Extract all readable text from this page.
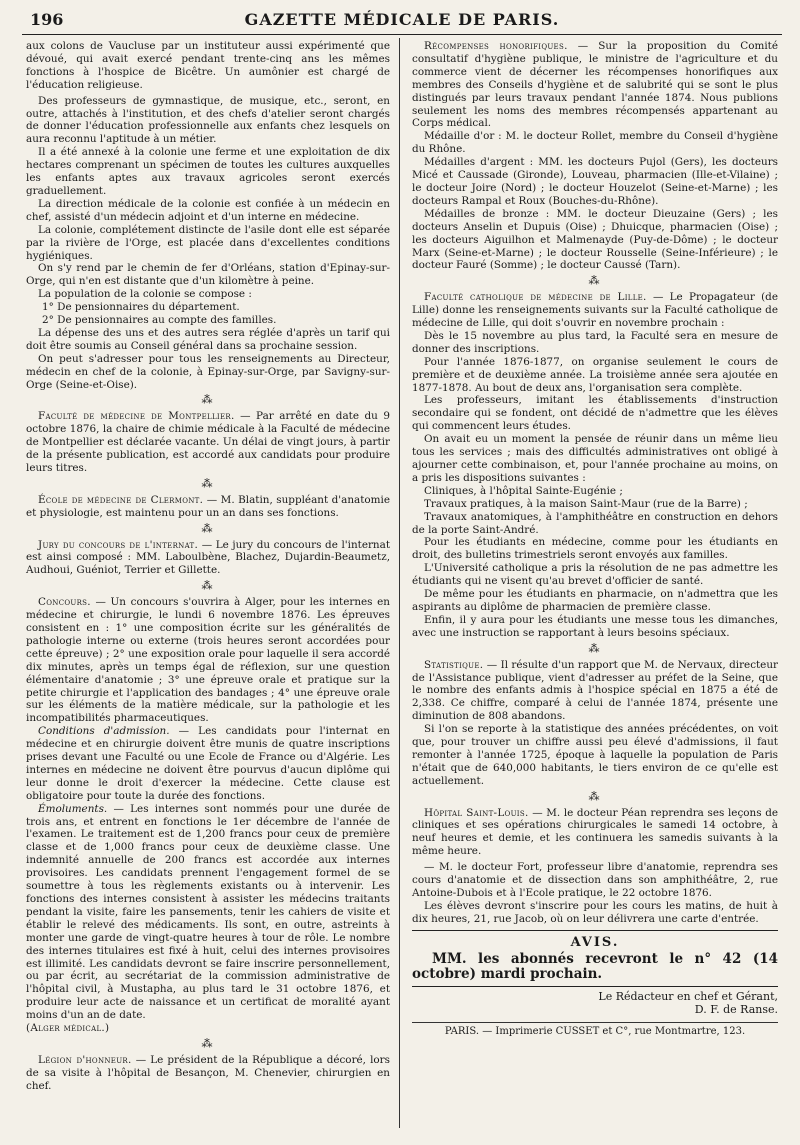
196	GAZETTE MÉDICALE DE PARIS.

aux colons de Vaucluse par un instituteur aussi expérimenté que dévoué, qui avait exercé pendant trente-cinq ans les mêmes fonctions à l'hospice de Bicêtre. Un aumônier est chargé de l'éducation religieuse.

Des professeurs de gymnastique, de musique, etc., seront, en outre, attachés à l'institution, et des chefs d'atelier seront chargés de donner l'éducation professionnelle aux enfants chez lesquels on aura reconnu l'aptitude à un métier.

Il a été annexé à la colonie une ferme et une exploitation de dix hectares comprenant un spécimen de toutes les cultures auxquelles les enfants aptes aux travaux agricoles seront exercés graduellement.

La direction médicale de la colonie est confiée à un médecin en chef, assisté d'un médecin adjoint et d'un interne en médecine.

La colonie, complétement distincte de l'asile dont elle est séparée par la rivière de l'Orge, est placée dans d'excellentes conditions hygiéniques.

On s'y rend par le chemin de fer d'Orléans, station d'Epinay-sur-Orge, qui n'en est distante que d'un kilomètre à peine.

La population de la colonie se compose :

1° De pensionnaires du département.

2° De pensionnaires au compte des familles.

La dépense des uns et des autres sera réglée d'après un tarif qui doit être soumis au Conseil général dans sa prochaine session.

On peut s'adresser pour tous les renseignements au Directeur, médecin en chef de la colonie, à Epinay-sur-Orge, par Savigny-sur-Orge (Seine-et-Oise).

⁂

Faculté de médecine de Montpellier. — Par arrêté en date du 9 octobre 1876, la chaire de chimie médicale à la Faculté de médecine de Montpellier est déclarée vacante. Un délai de vingt jours, à partir de la présente publication, est accordé aux candidats pour produire leurs titres.

⁂

École de médecine de Clermont. — M. Blatin, suppléant d'anatomie et physiologie, est maintenu pour un an dans ses fonctions.

⁂

Jury du concours de l'internat. — Le jury du concours de l'internat est ainsi composé : MM. Laboulbène, Blachez, Dujardin-Beaumetz, Audhoui, Guéniot, Terrier et Gillette.

⁂

Concours. — Un concours s'ouvrira à Alger, pour les internes en médecine et chirurgie, le lundi 6 novembre 1876. Les épreuves consistent en : 1° une composition écrite sur les généralités de pathologie interne ou externe (trois heures seront accordées pour cette épreuve) ; 2° une exposition orale pour laquelle il sera accordé dix minutes, après un temps égal de réflexion, sur une question élémentaire d'anatomie ; 3° une épreuve orale et pratique sur la petite chirurgie et l'application des bandages ; 4° une épreuve orale sur les éléments de la matière médicale, sur la pathologie et les incompatibilités pharmaceutiques.

Conditions d'admission. — Les candidats pour l'internat en médecine et en chirurgie doivent être munis de quatre inscriptions prises devant une Faculté ou une Ecole de France ou d'Algérie. Les internes en médecine ne doivent être pourvus d'aucun diplôme qui leur donne le droit d'exercer la médecine. Cette clause est obligatoire pour toute la durée des fonctions.

Émoluments. — Les internes sont nommés pour une durée de trois ans, et entrent en fonctions le 1er décembre de l'année de l'examen. Le traitement est de 1,200 francs pour ceux de première classe et de 1,000 francs pour ceux de deuxième classe. Une indemnité annuelle de 200 francs est accordée aux internes provisoires. Les candidats prennent l'engagement formel de se soumettre à tous les règlements existants ou à intervenir. Les fonctions des internes consistent à assister les médecins traitants pendant la visite, faire les pansements, tenir les cahiers de visite et établir le relevé des médicaments. Ils sont, en outre, astreints à monter une garde de vingt-quatre heures à tour de rôle. Le nombre des internes titulaires est fixé à huit, celui des internes provisoires est illimité. Les candidats devront se faire inscrire personnellement, ou par écrit, au secrétariat de la commission administrative de l'hôpital civil, à Mustapha, au plus tard le 31 octobre 1876, et produire leur acte de naissance et un certificat de moralité ayant moins d'un an de date.

(Alger médical.)

⁂

Légion d'honneur. — Le président de la République a décoré, lors de sa visite à l'hôpital de Besançon, M. Chenevier, chirurgien en chef.

Récompenses honorifiques. — Sur la proposition du Comité consultatif d'hygiène publique, le ministre de l'agriculture et du commerce vient de décerner les récompenses honorifiques aux membres des Conseils d'hygiène et de salubrité qui se sont le plus distingués par leurs travaux pendant l'année 1874. Nous publions seulement les noms des membres récompensés appartenant au Corps médical.

Médaille d'or : M. le docteur Rollet, membre du Conseil d'hygiène du Rhône.

Médailles d'argent : MM. les docteurs Pujol (Gers), les docteurs Micé et Caussade (Gironde), Louveau, pharmacien (Ille-et-Vilaine) ; le docteur Joire (Nord) ; le docteur Houzelot (Seine-et-Marne) ; les docteurs Rampal et Roux (Bouches-du-Rhône).

Médailles de bronze : MM. le docteur Dieuzaine (Gers) ; les docteurs Anselin et Dupuis (Oise) ; Dhuicque, pharmacien (Oise) ; les docteurs Aiguilhon et Malmenayde (Puy-de-Dôme) ; le docteur Marx (Seine-et-Marne) ; le docteur Rousselle (Seine-Inférieure) ; le docteur Fauré (Somme) ; le docteur Caussé (Tarn).

⁂

Faculté catholique de médecine de Lille. — Le Propagateur (de Lille) donne les renseignements suivants sur la Faculté catholique de médecine de Lille, qui doit s'ouvrir en novembre prochain :

Dès le 15 novembre au plus tard, la Faculté sera en mesure de donner des inscriptions.

Pour l'année 1876-1877, on organise seulement le cours de première et de deuxième année. La troisième année sera ajoutée en 1877-1878. Au bout de deux ans, l'organisation sera complète.

Les professeurs, imitant les établissements d'instruction secondaire qui se fondent, ont décidé de n'admettre que les élèves qui commencent leurs études.

On avait eu un moment la pensée de réunir dans un même lieu tous les services ; mais des difficultés administratives ont obligé à ajourner cette combinaison, et, pour l'année prochaine au moins, on a pris les dispositions suivantes :

Cliniques, à l'hôpital Sainte-Eugénie ;

Travaux pratiques, à la maison Saint-Maur (rue de la Barre) ;

Travaux anatomiques, à l'amphithéâtre en construction en dehors de la porte Saint-André.

Pour les étudiants en médecine, comme pour les étudiants en droit, des bulletins trimestriels seront envoyés aux familles.

L'Université catholique a pris la résolution de ne pas admettre les étudiants qui ne visent qu'au brevet d'officier de santé.

De même pour les étudiants en pharmacie, on n'admettra que les aspirants au diplôme de pharmacien de première classe.

Enfin, il y aura pour les étudiants une messe tous les dimanches, avec une instruction se rapportant à leurs besoins spéciaux.

⁂

Statistique. — Il résulte d'un rapport que M. de Nervaux, directeur de l'Assistance publique, vient d'adresser au préfet de la Seine, que le nombre des enfants admis à l'hospice spécial en 1875 a été de 2,338. Ce chiffre, comparé à celui de l'année 1874, présente une diminution de 808 abandons.

Si l'on se reporte à la statistique des années précédentes, on voit que, pour trouver un chiffre aussi peu élevé d'admissions, il faut remonter à l'année 1725, époque à laquelle la population de Paris n'était que de 640,000 habitants, le tiers environ de ce qu'elle est actuellement.

⁂

Hôpital Saint-Louis. — M. le docteur Péan reprendra ses leçons de cliniques et ses opérations chirurgicales le samedi 14 octobre, à neuf heures et demie, et les continuera les samedis suivants à la même heure.

— M. le docteur Fort, professeur libre d'anatomie, reprendra ses cours d'anatomie et de dissection dans son amphithéâtre, 2, rue Antoine-Dubois et à l'Ecole pratique, le 22 octobre 1876.

Les élèves devront s'inscrire pour les cours les matins, de huit à dix heures, 21, rue Jacob, où on leur délivrera une carte d'entrée.

AVIS.

MM. les abonnés recevront le n° 42 (14 octobre) mardi prochain.

Le Rédacteur en chef et Gérant,

D. F. de Ranse.

PARIS. — Imprimerie CUSSET et C°, rue Montmartre, 123.
